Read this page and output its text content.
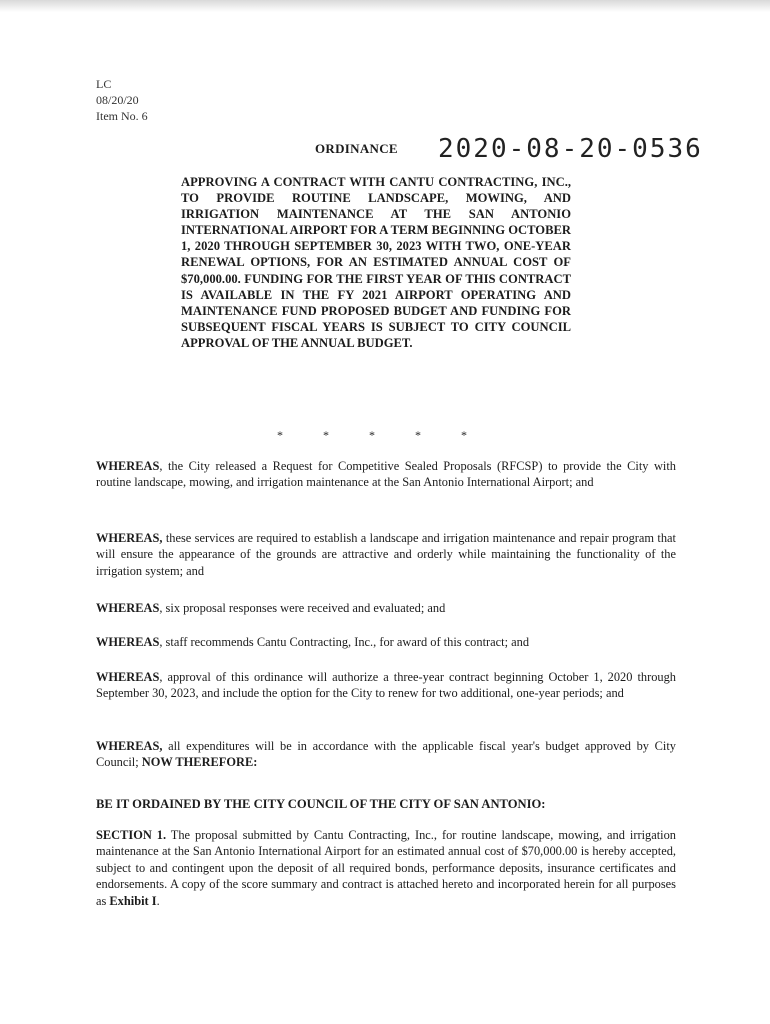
LC
08/20/20
Item No. 6
ORDINANCE 2020-08-20-0536
APPROVING A CONTRACT WITH CANTU CONTRACTING, INC., TO PROVIDE ROUTINE LANDSCAPE, MOWING, AND IRRIGATION MAINTENANCE AT THE SAN ANTONIO INTERNATIONAL AIRPORT FOR A TERM BEGINNING OCTOBER 1, 2020 THROUGH SEPTEMBER 30, 2023 WITH TWO, ONE-YEAR RENEWAL OPTIONS, FOR AN ESTIMATED ANNUAL COST OF $70,000.00. FUNDING FOR THE FIRST YEAR OF THIS CONTRACT IS AVAILABLE IN THE FY 2021 AIRPORT OPERATING AND MAINTENANCE FUND PROPOSED BUDGET AND FUNDING FOR SUBSEQUENT FISCAL YEARS IS SUBJECT TO CITY COUNCIL APPROVAL OF THE ANNUAL BUDGET.
*	*	*	*	*

WHEREAS, the City released a Request for Competitive Sealed Proposals (RFCSP) to provide the City with routine landscape, mowing, and irrigation maintenance at the San Antonio International Airport; and

WHEREAS, these services are required to establish a landscape and irrigation maintenance and repair program that will ensure the appearance of the grounds are attractive and orderly while maintaining the functionality of the irrigation system; and

WHEREAS, six proposal responses were received and evaluated; and

WHEREAS, staff recommends Cantu Contracting, Inc., for award of this contract; and

WHEREAS, approval of this ordinance will authorize a three-year contract beginning October 1, 2020 through September 30, 2023, and include the option for the City to renew for two additional, one-year periods; and

WHEREAS, all expenditures will be in accordance with the applicable fiscal year's budget approved by City Council; NOW THEREFORE:

BE IT ORDAINED BY THE CITY COUNCIL OF THE CITY OF SAN ANTONIO:

SECTION 1. The proposal submitted by Cantu Contracting, Inc., for routine landscape, mowing, and irrigation maintenance at the San Antonio International Airport for an estimated annual cost of $70,000.00 is hereby accepted, subject to and contingent upon the deposit of all required bonds, performance deposits, insurance certificates and endorsements. A copy of the score summary and contract is attached hereto and incorporated herein for all purposes as Exhibit I.
